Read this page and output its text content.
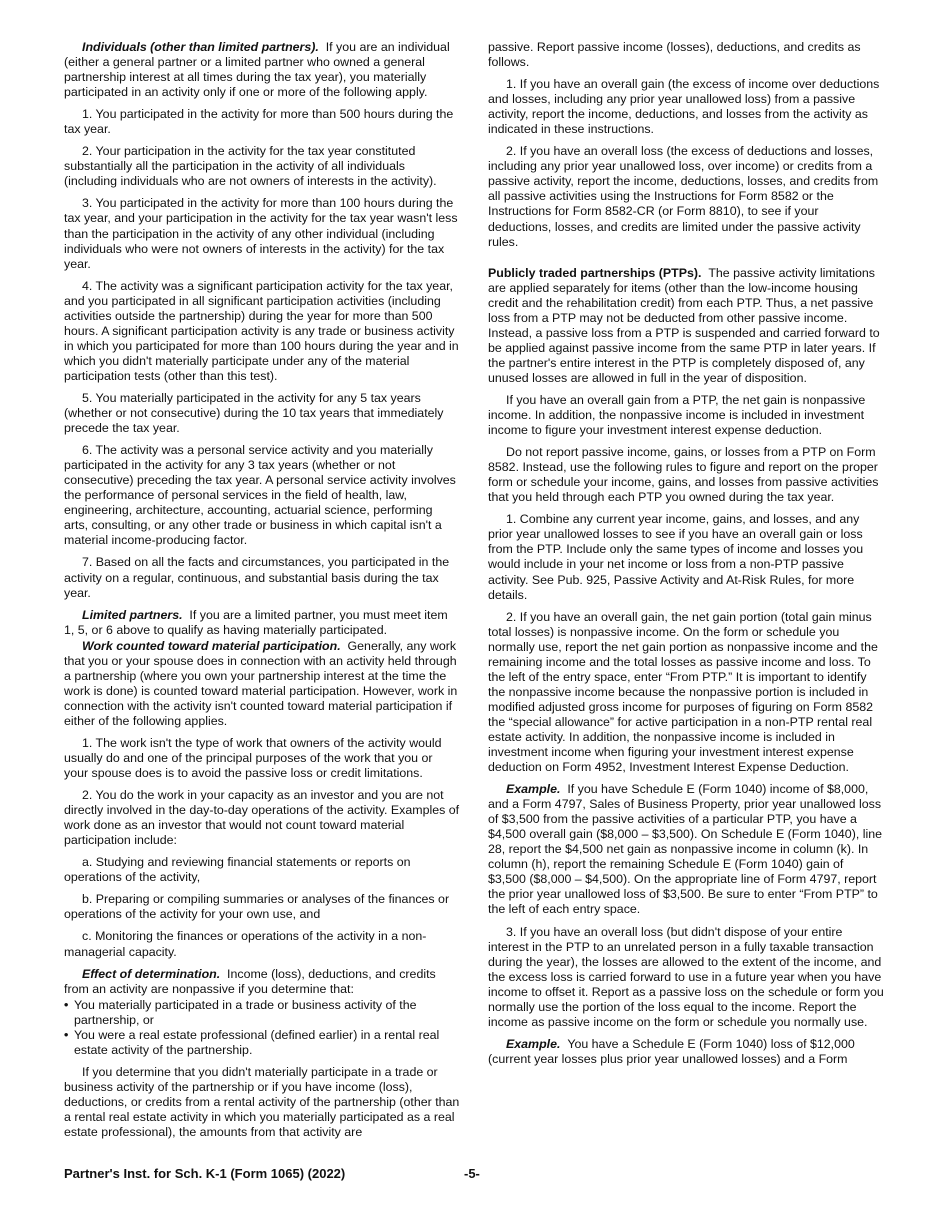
Individuals (other than limited partners). If you are an individual (either a general partner or a limited partner who owned a general partnership interest at all times during the tax year), you materially participated in an activity only if one or more of the following apply.

1. You participated in the activity for more than 500 hours during the tax year.

2. Your participation in the activity for the tax year constituted substantially all the participation in the activity of all individuals (including individuals who are not owners of interests in the activity).

3. You participated in the activity for more than 100 hours during the tax year, and your participation in the activity for the tax year wasn't less than the participation in the activity of any other individual (including individuals who were not owners of interests in the activity) for the tax year.

4. The activity was a significant participation activity for the tax year, and you participated in all significant participation activities (including activities outside the partnership) during the year for more than 500 hours. A significant participation activity is any trade or business activity in which you participated for more than 100 hours during the year and in which you didn't materially participate under any of the material participation tests (other than this test).

5. You materially participated in the activity for any 5 tax years (whether or not consecutive) during the 10 tax years that immediately precede the tax year.

6. The activity was a personal service activity and you materially participated in the activity for any 3 tax years (whether or not consecutive) preceding the tax year. A personal service activity involves the performance of personal services in the field of health, law, engineering, architecture, accounting, actuarial science, performing arts, consulting, or any other trade or business in which capital isn't a material income-producing factor.

7. Based on all the facts and circumstances, you participated in the activity on a regular, continuous, and substantial basis during the tax year.

Limited partners. If you are a limited partner, you must meet item 1, 5, or 6 above to qualify as having materially participated.

Work counted toward material participation. Generally, any work that you or your spouse does in connection with an activity held through a partnership (where you own your partnership interest at the time the work is done) is counted toward material participation. However, work in connection with the activity isn't counted toward material participation if either of the following applies.

1. The work isn't the type of work that owners of the activity would usually do and one of the principal purposes of the work that you or your spouse does is to avoid the passive loss or credit limitations.

2. You do the work in your capacity as an investor and you are not directly involved in the day-to-day operations of the activity. Examples of work done as an investor that would not count toward material participation include:

a. Studying and reviewing financial statements or reports on operations of the activity,

b. Preparing or compiling summaries or analyses of the finances or operations of the activity for your own use, and

c. Monitoring the finances or operations of the activity in a non-managerial capacity.

Effect of determination. Income (loss), deductions, and credits from an activity are nonpassive if you determine that:

• You materially participated in a trade or business activity of the partnership, or
• You were a real estate professional (defined earlier) in a rental real estate activity of the partnership.

If you determine that you didn't materially participate in a trade or business activity of the partnership or if you have income (loss), deductions, or credits from a rental activity of the partnership (other than a rental real estate activity in which you materially participated as a real estate professional), the amounts from that activity are

passive. Report passive income (losses), deductions, and credits as follows.

1. If you have an overall gain (the excess of income over deductions and losses, including any prior year unallowed loss) from a passive activity, report the income, deductions, and losses from the activity as indicated in these instructions.

2. If you have an overall loss (the excess of deductions and losses, including any prior year unallowed loss, over income) or credits from a passive activity, report the income, deductions, losses, and credits from all passive activities using the Instructions for Form 8582 or the Instructions for Form 8582-CR (or Form 8810), to see if your deductions, losses, and credits are limited under the passive activity rules.

Publicly traded partnerships (PTPs). The passive activity limitations are applied separately for items (other than the low-income housing credit and the rehabilitation credit) from each PTP. Thus, a net passive loss from a PTP may not be deducted from other passive income. Instead, a passive loss from a PTP is suspended and carried forward to be applied against passive income from the same PTP in later years. If the partner's entire interest in the PTP is completely disposed of, any unused losses are allowed in full in the year of disposition.

If you have an overall gain from a PTP, the net gain is nonpassive income. In addition, the nonpassive income is included in investment income to figure your investment interest expense deduction.

Do not report passive income, gains, or losses from a PTP on Form 8582. Instead, use the following rules to figure and report on the proper form or schedule your income, gains, and losses from passive activities that you held through each PTP you owned during the tax year.

1. Combine any current year income, gains, and losses, and any prior year unallowed losses to see if you have an overall gain or loss from the PTP. Include only the same types of income and losses you would include in your net income or loss from a non-PTP passive activity. See Pub. 925, Passive Activity and At-Risk Rules, for more details.

2. If you have an overall gain, the net gain portion (total gain minus total losses) is nonpassive income. On the form or schedule you normally use, report the net gain portion as nonpassive income and the remaining income and the total losses as passive income and loss. To the left of the entry space, enter “From PTP.” It is important to identify the nonpassive income because the nonpassive portion is included in modified adjusted gross income for purposes of figuring on Form 8582 the “special allowance” for active participation in a non-PTP rental real estate activity. In addition, the nonpassive income is included in investment income when figuring your investment interest expense deduction on Form 4952, Investment Interest Expense Deduction.

Example. If you have Schedule E (Form 1040) income of $8,000, and a Form 4797, Sales of Business Property, prior year unallowed loss of $3,500 from the passive activities of a particular PTP, you have a $4,500 overall gain ($8,000 – $3,500). On Schedule E (Form 1040), line 28, report the $4,500 net gain as nonpassive income in column (k). In column (h), report the remaining Schedule E (Form 1040) gain of $3,500 ($8,000 – $4,500). On the appropriate line of Form 4797, report the prior year unallowed loss of $3,500. Be sure to enter “From PTP” to the left of each entry space.

3. If you have an overall loss (but didn't dispose of your entire interest in the PTP to an unrelated person in a fully taxable transaction during the year), the losses are allowed to the extent of the income, and the excess loss is carried forward to use in a future year when you have income to offset it. Report as a passive loss on the schedule or form you normally use the portion of the loss equal to the income. Report the income as passive income on the form or schedule you normally use.

Example. You have a Schedule E (Form 1040) loss of $12,000 (current year losses plus prior year unallowed losses) and a Form

Partner's Inst. for Sch. K-1 (Form 1065) (2022)	-5-
